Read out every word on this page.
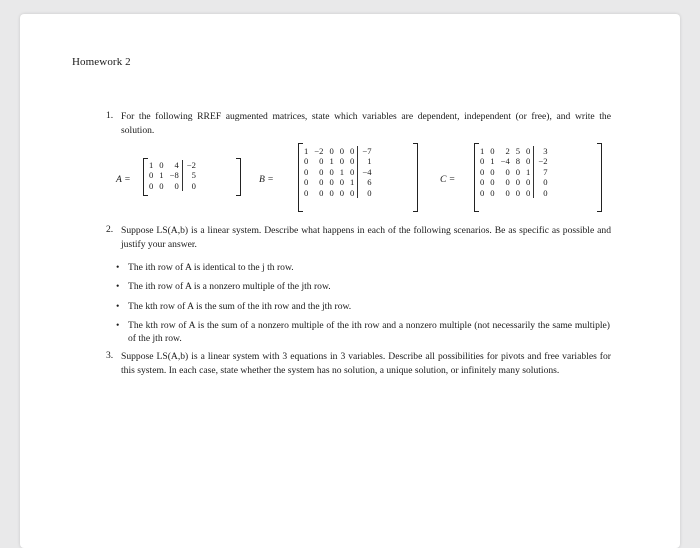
Homework 2
1. For the following RREF augmented matrices, state which variables are dependent, independent (or free), and write the solution.
A =
1	0	4	−2
0	1	−8	5
0	0	0	0
B =
1	−2	0	0	0	−7
0	0	1	0	0	1
0	0	0	1	0	−4
0	0	0	0	1	6
0	0	0	0	0	0
C =
1	0	2	5	0	3
0	1	−4	8	0	−2
0	0	0	0	1	7
0	0	0	0	0	0
0	0	0	0	0	0
2. Suppose LS(A,b) is a linear system. Describe what happens in each of the following scenarios. Be as specific as possible and justify your answer.
• The ith row of A is identical to the j th row.
• The ith row of A is a nonzero multiple of the jth row.
• The kth row of A is the sum of the ith row and the jth row.
• The kth row of A is the sum of a nonzero multiple of the ith row and a nonzero multiple (not necessarily the same multiple) of the jth row.
3. Suppose LS(A,b) is a linear system with 3 equations in 3 variables. Describe all possibilities for pivots and free variables for this system. In each case, state whether the system has no solution, a unique solution, or infinitely many solutions.
